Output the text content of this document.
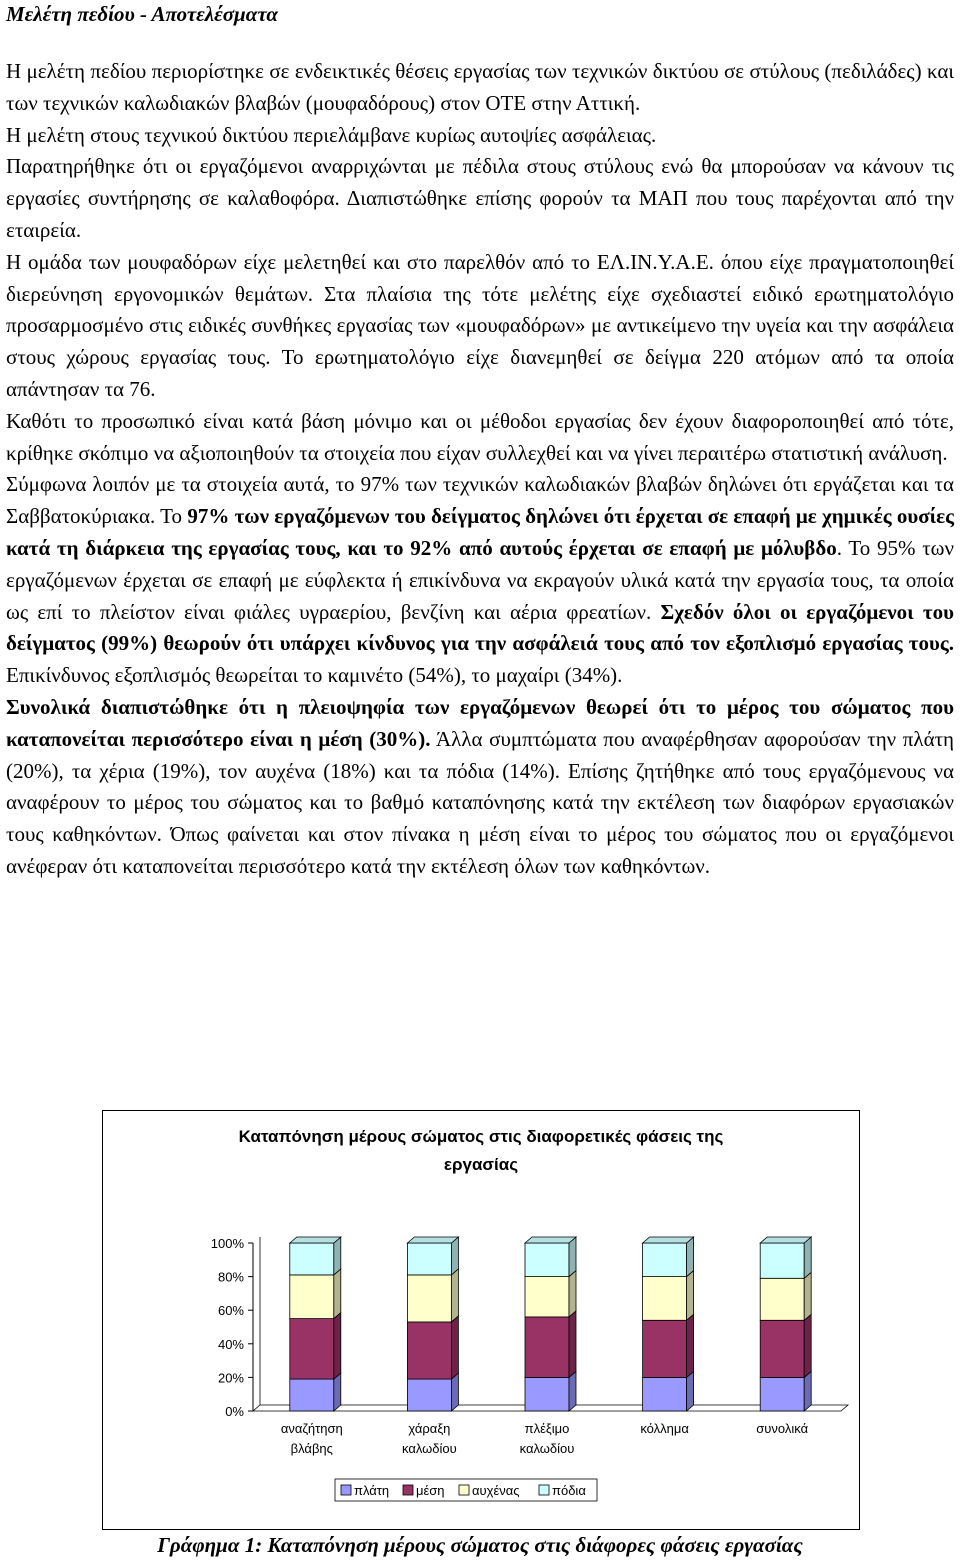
Μελέτη πεδίου - Αποτελέσματα

Η μελέτη πεδίου περιορίστηκε σε ενδεικτικές θέσεις εργασίας των τεχνικών δικτύου σε στύλους (πεδιλάδες) και των τεχνικών καλωδιακών βλαβών (μουφαδόρους) στον ΟΤΕ στην Αττική.

Η μελέτη στους τεχνικού δικτύου περιελάμβανε κυρίως αυτοψίες ασφάλειας.

Παρατηρήθηκε ότι οι εργαζόμενοι αναρριχώνται με πέδιλα στους στύλους ενώ θα μπορούσαν να κάνουν τις εργασίες συντήρησης σε καλαθοφόρα. Διαπιστώθηκε επίσης φορούν τα ΜΑΠ που τους παρέχονται από την εταιρεία.

Η ομάδα των μουφαδόρων είχε μελετηθεί και στο παρελθόν από το ΕΛ.ΙΝ.Υ.Α.Ε. όπου είχε πραγματοποιηθεί διερεύνηση εργονομικών θεμάτων. Στα πλαίσια της τότε μελέτης είχε σχεδιαστεί ειδικό ερωτηματολόγιο προσαρμοσμένο στις ειδικές συνθήκες εργασίας των «μουφαδόρων» με αντικείμενο την υγεία και την ασφάλεια στους χώρους εργασίας τους. Το ερωτηματολόγιο είχε διανεμηθεί σε δείγμα 220 ατόμων από τα οποία απάντησαν τα 76.

Καθότι το προσωπικό είναι κατά βάση μόνιμο και οι μέθοδοι εργασίας δεν έχουν διαφοροποιηθεί από τότε, κρίθηκε σκόπιμο να αξιοποιηθούν τα στοιχεία που είχαν συλλεχθεί και να γίνει περαιτέρω στατιστική ανάλυση.

Σύμφωνα λοιπόν με τα στοιχεία αυτά, το 97% των τεχνικών καλωδιακών βλαβών δηλώνει ότι εργάζεται και τα Σαββατοκύριακα. Το 97% των εργαζόμενων του δείγματος δηλώνει ότι έρχεται σε επαφή με χημικές ουσίες κατά τη διάρκεια της εργασίας τους, και το 92% από αυτούς έρχεται σε επαφή με μόλυβδο. Το 95% των εργαζόμενων έρχεται σε επαφή με εύφλεκτα ή επικίνδυνα να εκραγούν υλικά κατά την εργασία τους, τα οποία ως επί το πλείστον είναι φιάλες υγραερίου, βενζίνη και αέρια φρεατίων. Σχεδόν όλοι οι εργαζόμενοι του δείγματος (99%) θεωρούν ότι υπάρχει κίνδυνος για την ασφάλειά τους από τον εξοπλισμό εργασίας τους. Επικίνδυνος εξοπλισμός θεωρείται το καμινέτο (54%), το μαχαίρι (34%).

Συνολικά διαπιστώθηκε ότι η πλειοψηφία των εργαζόμενων θεωρεί ότι το μέρος του σώματος που καταπονείται περισσότερο είναι η μέση (30%). Άλλα συμπτώματα που αναφέρθησαν αφορούσαν την πλάτη (20%), τα χέρια (19%), τον αυχένα (18%) και τα πόδια (14%). Επίσης ζητήθηκε από τους εργαζόμενους να αναφέρουν το μέρος του σώματος και το βαθμό καταπόνησης κατά την εκτέλεση των διαφόρων εργασιακών τους καθηκόντων. Όπως φαίνεται και στον πίνακα η μέση είναι το μέρος του σώματος που οι εργαζόμενοι ανέφεραν ότι καταπονείται περισσότερο κατά την εκτέλεση όλων των καθηκόντων.

Καταπόνηση μέρους σώματος στις διαφορετικές φάσεις της
εργασίας
0%
20%
40%
60%
80%
100%
αναζήτηση
βλάβης
χάραξη
καλωδίου
πλέξιμο
καλωδίου
κόλλημα	συνολικά
πλάτη μέση αυχένας πόδια
Γράφημα 1: Καταπόνηση μέρους σώματος στις διάφορες φάσεις εργασίας
